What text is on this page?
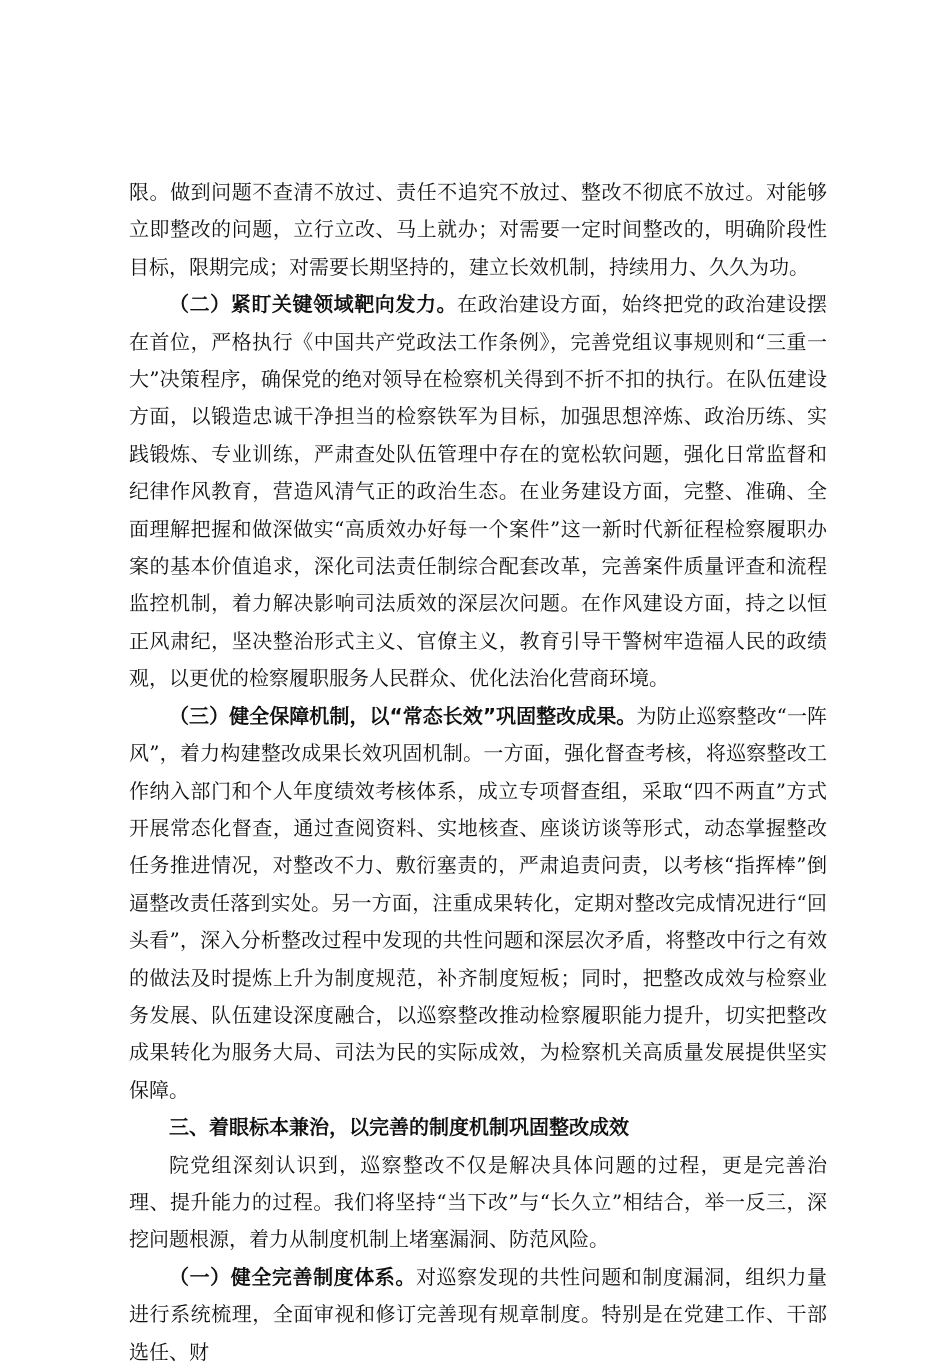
限。做到问题不查清不放过、责任不追究不放过、整改不彻底不放过。对能够立即整改的问题，立行立改、马上就办；对需要一定时间整改的，明确阶段性目标，限期完成；对需要长期坚持的，建立长效机制，持续用力、久久为功。

（二）紧盯关键领域靶向发力。在政治建设方面，始终把党的政治建设摆在首位，严格执行《中国共产党政法工作条例》，完善党组议事规则和“三重一大”决策程序，确保党的绝对领导在检察机关得到不折不扣的执行。在队伍建设方面，以锻造忠诚干净担当的检察铁军为目标，加强思想淬炼、政治历练、实践锻炼、专业训练，严肃查处队伍管理中存在的宽松软问题，强化日常监督和纪律作风教育，营造风清气正的政治生态。在业务建设方面，完整、准确、全面理解把握和做深做实“高质效办好每一个案件”这一新时代新征程检察履职办案的基本价值追求，深化司法责任制综合配套改革，完善案件质量评查和流程监控机制，着力解决影响司法质效的深层次问题。在作风建设方面，持之以恒正风肃纪，坚决整治形式主义、官僚主义，教育引导干警树牢造福人民的政绩观，以更优的检察履职服务人民群众、优化法治化营商环境。

（三）健全保障机制，以“常态长效”巩固整改成果。为防止巡察整改“一阵风”，着力构建整改成果长效巩固机制。一方面，强化督查考核，将巡察整改工作纳入部门和个人年度绩效考核体系，成立专项督查组，采取“四不两直”方式开展常态化督查，通过查阅资料、实地核查、座谈访谈等形式，动态掌握整改任务推进情况，对整改不力、敷衍塞责的，严肃追责问责，以考核“指挥棒”倒逼整改责任落到实处。另一方面，注重成果转化，定期对整改完成情况进行“回头看”，深入分析整改过程中发现的共性问题和深层次矛盾，将整改中行之有效的做法及时提炼上升为制度规范，补齐制度短板；同时，把整改成效与检察业务发展、队伍建设深度融合，以巡察整改推动检察履职能力提升，切实把整改成果转化为服务大局、司法为民的实际成效，为检察机关高质量发展提供坚实保障。

三、着眼标本兼治，以完善的制度机制巩固整改成效

院党组深刻认识到，巡察整改不仅是解决具体问题的过程，更是完善治理、提升能力的过程。我们将坚持“当下改”与“长久立”相结合，举一反三，深挖问题根源，着力从制度机制上堵塞漏洞、防范风险。

（一）健全完善制度体系。对巡察发现的共性问题和制度漏洞，组织力量进行系统梳理，全面审视和修订完善现有规章制度。特别是在党建工作、干部选任、财
